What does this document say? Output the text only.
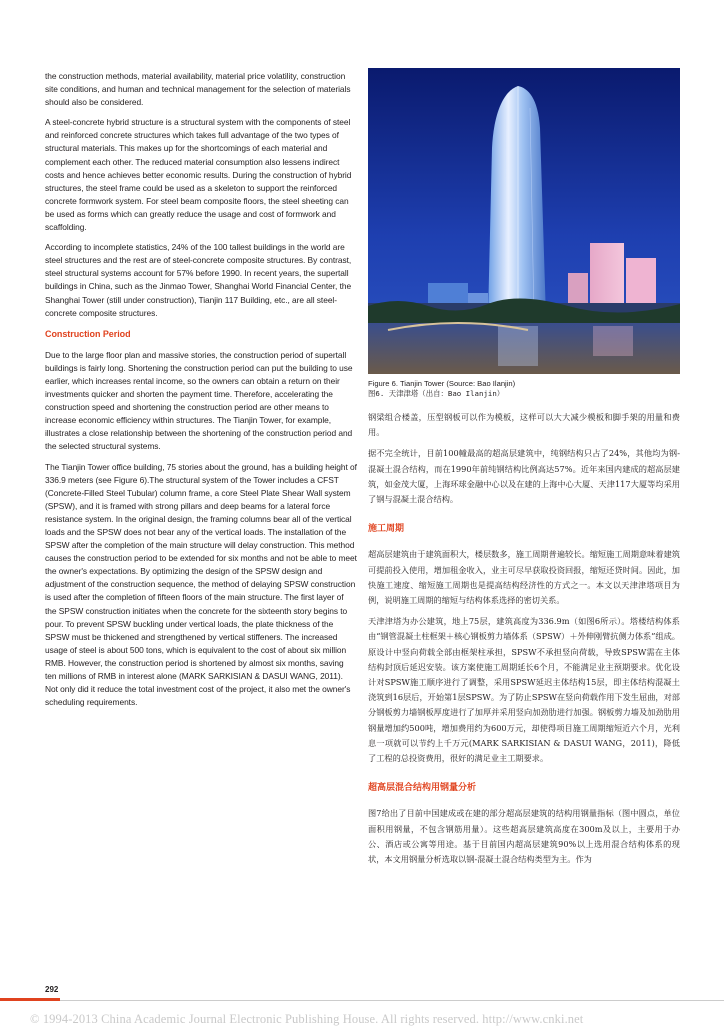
the construction methods, material availability, material price volatility, construction site conditions, and human and technical management for the selection of materials should also be considered.

A steel-concrete hybrid structure is a structural system with the components of steel and reinforced concrete structures which takes full advantage of the two types of structural materials. This makes up for the shortcomings of each material and complement each other. The reduced material consumption also lessens indirect costs and hence achieves better economic results. During the construction of hybrid structures, the steel frame could be used as a skeleton to support the reinforced concrete formwork system. For steel beam composite floors, the steel sheeting can be used as forms which can greatly reduce the usage and cost of formwork and scaffolding.

According to incomplete statistics, 24% of the 100 tallest buildings in the world are steel structures and the rest are of steel-concrete composite structures. By contrast, steel structural systems account for 57% before 1990. In recent years, the supertall buildings in China, such as the Jinmao Tower, Shanghai World Financial Center, the Shanghai Tower (still under construction), Tianjin 117 Building, etc., are all steel-concrete composite structures.

Construction Period

Due to the large floor plan and massive stories, the construction period of supertall buildings is fairly long. Shortening the construction period can put the building to use earlier, which increases rental income, so the owners can obtain a return on their investments quicker and shorten the payment time. Therefore, accelerating the construction speed and shortening the construction period are other means to increase economic efficiency within structures. The Tianjin Tower, for example, illustrates a close relationship between the shortening of the construction period and the selected structural systems.

The Tianjin Tower office building, 75 stories about the ground, has a building height of 336.9 meters (see Figure 6).The structural system of the Tower includes a CFST (Concrete-Filled Steel Tubular) column frame, a core Steel Plate Shear Wall system (SPSW), and it is framed with strong pillars and deep beams for a lateral force resistance system. In the original design, the framing columns bear all of the vertical loads and the SPSW does not bear any of the vertical loads. The installation of the SPSW after the completion of the main structure will delay construction. This method causes the construction period to be extended for six months and not be able to meet the owner's expectations. By optimizing the design of the SPSW design and adjustment of the construction sequence, the method of delaying SPSW construction is used after the completion of fifteen floors of the main structure. The first layer of the SPSW construction initiates when the concrete for the sixteenth story begins to pour. To prevent SPSW buckling under vertical loads, the plate thickness of the SPSW must be thickened and strengthened by vertical stiffeners. The increased usage of steel is about 500 tons, which is equivalent to the cost of about six million RMB. However, the construction period is shortened by almost six months, saving ten millions of RMB in interest alone (MARK SARKISIAN & DASUI WANG, 2011). Not only did it reduce the total investment cost of the project, it also met the owner's scheduling requirements.

Figure 6. Tianjin Tower (Source: Bao Ilanjin)
图6. 天津津塔（出自：Bao Ilanjin）

钢梁组合楼盖，压型钢板可以作为模板，这样可以大大减少模板和脚手架的用量和费用。

据不完全统计，目前100幢最高的超高层建筑中，纯钢结构只占了24%，其他均为钢-混凝土混合结构，而在1990年前纯钢结构比例高达57%。近年来国内建成的超高层建筑，如金茂大厦，上海环球金融中心以及在建的上海中心大厦、天津117大厦等均采用了钢与混凝土混合结构。

施工周期

超高层建筑由于建筑面积大，楼层数多，施工周期普遍较长。缩短施工周期意味着建筑可提前投入使用，增加租金收入，业主可尽早获取投资回报，缩短还贷时间。因此，加快施工速度、缩短施工周期也是提高结构经济性的方式之一。本文以天津津塔项目为例，说明施工周期的缩短与结构体系选择的密切关系。

天津津塔为办公建筑，地上75层，建筑高度为336.9m（如图6所示）。塔楼结构体系由“钢管混凝土柱框架＋核心钢板剪力墙体系（SPSW）＋外伸刚臂抗侧力体系”组成。原设计中竖向荷载全部由框架柱承担，SPSW不承担竖向荷载，导致SPSW需在主体结构封顶后延迟安装。该方案使施工周期延长6个月，不能满足业主预期要求。优化设计对SPSW施工顺序进行了调整，采用SPSW延迟主体结构15层，即主体结构混凝土浇筑到16层后，开始第1层SPSW。为了防止SPSW在竖向荷载作用下发生屈曲，对部分钢板剪力墙钢板厚度进行了加厚并采用竖向加劲肋进行加强。钢板剪力墙及加劲肋用钢量增加约500吨，增加费用约为600万元，却使得项目施工周期缩短近六个月，光利息一项就可以节约上千万元(MARK SARKISIAN & DASUI WANG，2011)，降低了工程的总投资费用，很好的满足业主工期要求。

超高层混合结构用钢量分析

图7给出了目前中国建成或在建的部分超高层建筑的结构用钢量指标（图中圆点，单位面积用钢量，不包含钢筋用量）。这些超高层建筑高度在300m及以上，主要用于办公、酒店或公寓等用途。基于目前国内超高层建筑90%以上选用混合结构体系的现状，本文用钢量分析选取以钢-混凝土混合结构类型为主。作为

292
© 1994-2013 China Academic Journal Electronic Publishing House. All rights reserved. http://www.cnki.net
